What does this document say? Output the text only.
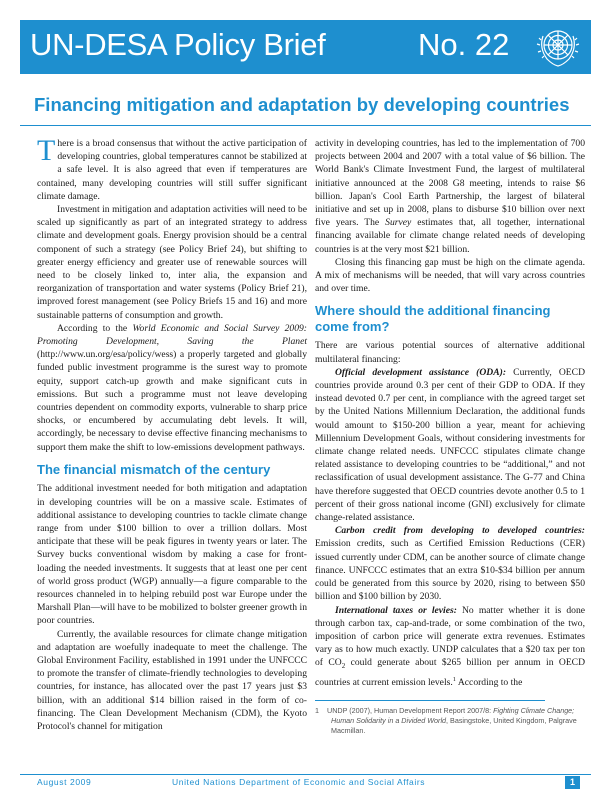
UN-DESA Policy Brief	No. 22
Financing mitigation and adaptation by developing countries

There is a broad consensus that without the active participation of developing countries, global temperatures cannot be stabilized at a safe level. It is also agreed that even if temperatures are contained, many developing countries will still suffer significant climate damage.

Investment in mitigation and adaptation activities will need to be scaled up significantly as part of an integrated strategy to address climate and development goals. Energy provision should be a central component of such a strategy (see Policy Brief 24), but shifting to greater energy efficiency and greater use of renewable sources will need to be closely linked to, inter alia, the expansion and reorganization of transportation and water systems (Policy Brief 21), improved forest management (see Policy Briefs 15 and 16) and more sustainable patterns of consumption and growth.

According to the World Economic and Social Survey 2009: Promoting Development, Saving the Planet (http://www.un.org/esa/policy/wess) a properly targeted and globally funded public investment programme is the surest way to promote equity, support catch-up growth and make significant cuts in emissions. But such a programme must not leave developing countries dependent on commodity exports, vulnerable to sharp price shocks, or encumbered by accumulating debt levels. It will, accordingly, be necessary to devise effective financing mechanisms to support them make the shift to low-emissions development pathways.

The financial mismatch of the century

The additional investment needed for both mitigation and adaptation in developing countries will be on a massive scale. Estimates of additional assistance to developing countries to tackle climate change range from under $100 billion to over a trillion dollars. Most anticipate that these will be peak figures in twenty years or later. The Survey bucks conventional wisdom by making a case for front-loading the needed investments. It suggests that at least one per cent of world gross product (WGP) annually—a figure comparable to the resources channeled in to helping rebuild post war Europe under the Marshall Plan—will have to be mobilized to bolster greener growth in poor countries.

Currently, the available resources for climate change mitigation and adaptation are woefully inadequate to meet the challenge. The Global Environment Facility, established in 1991 under the UNFCCC to promote the transfer of climate-friendly technologies to developing countries, for instance, has allocated over the past 17 years just $3 billion, with an additional $14 billion raised in the form of co-financing. The Clean Development Mechanism (CDM), the Kyoto Protocol's channel for mitigation

activity in developing countries, has led to the implementation of 700 projects between 2004 and 2007 with a total value of $6 billion. The World Bank's Climate Investment Fund, the largest of multilateral initiative announced at the 2008 G8 meeting, intends to raise $6 billion. Japan's Cool Earth Partnership, the largest of bilateral initiative and set up in 2008, plans to disburse $10 billion over next five years. The Survey estimates that, all together, international financing available for climate change related needs of developing countries is at the very most $21 billion.

Closing this financing gap must be high on the climate agenda. A mix of mechanisms will be needed, that will vary across countries and over time.

Where should the additional financing come from?

There are various potential sources of alternative additional multilateral financing:

Official development assistance (ODA): Currently, OECD countries provide around 0.3 per cent of their GDP to ODA. If they instead devoted 0.7 per cent, in compliance with the agreed target set by the United Nations Millennium Declaration, the additional funds would amount to $150-200 billion a year, meant for achieving Millennium Development Goals, without considering investments for climate change related needs. UNFCCC stipulates climate change related assistance to developing countries to be “additional,” and not reclassification of usual development assistance. The G-77 and China have therefore suggested that OECD countries devote another 0.5 to 1 percent of their gross national income (GNI) exclusively for climate change-related assistance.

Carbon credit from developing to developed countries: Emission credits, such as Certified Emission Reductions (CER) issued currently under CDM, can be another source of climate change finance. UNFCCC estimates that an extra $10-$34 billion per annum could be generated from this source by 2020, rising to between $50 billion and $100 billion by 2030.

International taxes or levies: No matter whether it is done through carbon tax, cap-and-trade, or some combination of the two, imposition of carbon price will generate extra revenues. Estimates vary as to how much exactly. UNDP calculates that a $20 tax per ton of $CO_2$ could generate about $265 billion per annum in OECD countries at current emission levels.$^1$ According to the

1 UNDP (2007), Human Development Report 2007/8: Fighting Climate Change; Human Solidarity in a Divided World, Basingstoke, United Kingdom, Palgrave Macmillan.
August 2009	United Nations Department of Economic and Social Affairs	1
